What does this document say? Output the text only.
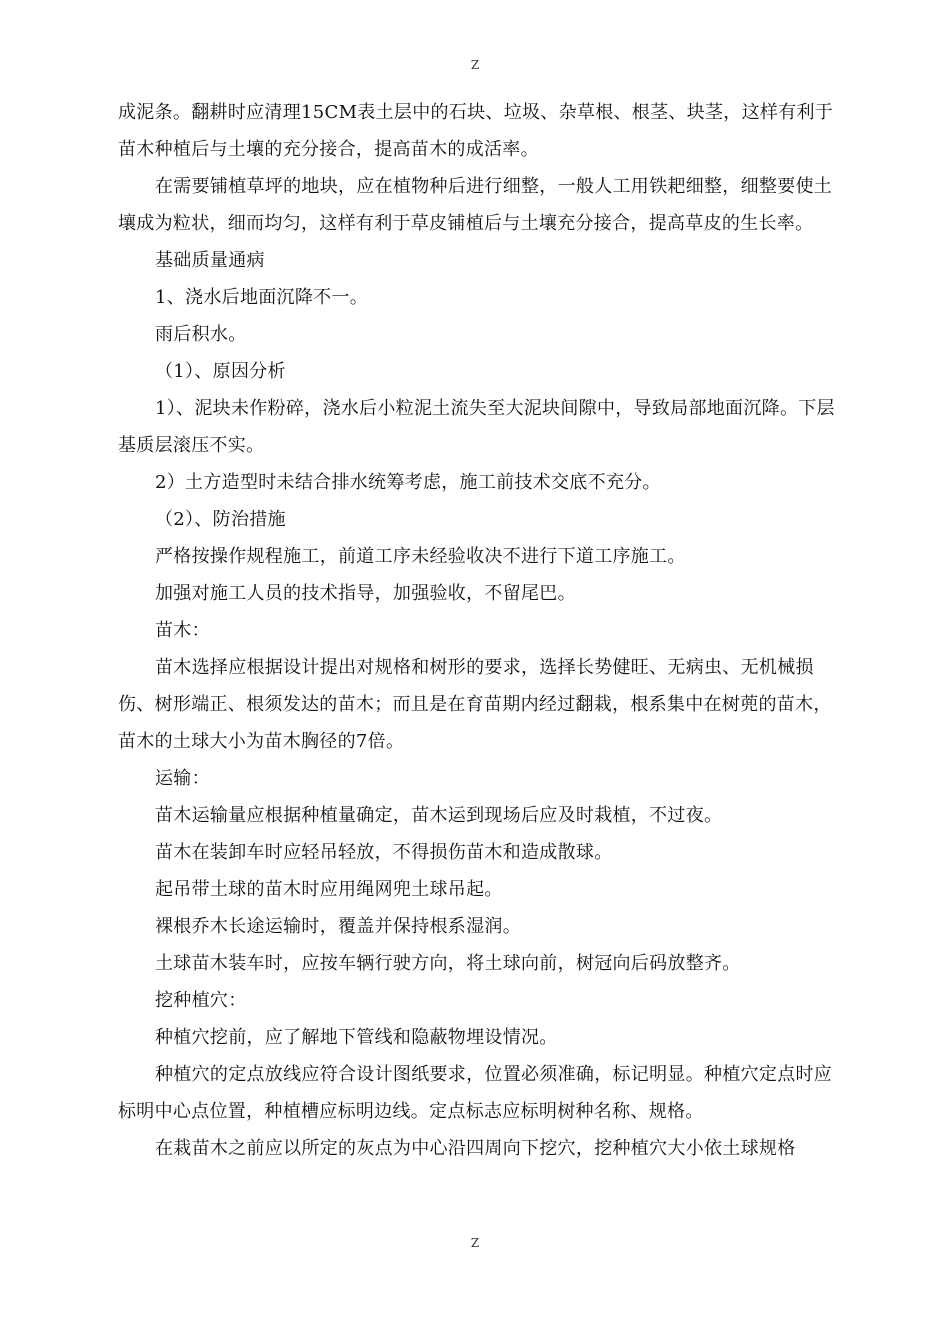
Z

成泥条。翻耕时应清理15CM表土层中的石块、垃圾、杂草根、根茎、块茎，这样有利于苗木种植后与土壤的充分接合，提高苗木的成活率。

在需要铺植草坪的地块，应在植物种后进行细整，一般人工用铁耙细整，细整要使土壤成为粒状，细而均匀，这样有利于草皮铺植后与土壤充分接合，提高草皮的生长率。

基础质量通病

1、浇水后地面沉降不一。

雨后积水。

（1）、原因分析

1）、泥块未作粉碎，浇水后小粒泥土流失至大泥块间隙中，导致局部地面沉降。下层基质层滚压不实。

2）土方造型时未结合排水统筹考虑，施工前技术交底不充分。

（2）、防治措施

严格按操作规程施工，前道工序未经验收决不进行下道工序施工。

加强对施工人员的技术指导，加强验收，不留尾巴。

苗木：

苗木选择应根据设计提出对规格和树形的要求，选择长势健旺、无病虫、无机械损伤、树形端正、根须发达的苗木；而且是在育苗期内经过翻栽，根系集中在树蔸的苗木，苗木的土球大小为苗木胸径的7倍。

运输：

苗木运输量应根据种植量确定，苗木运到现场后应及时栽植，不过夜。

苗木在装卸车时应轻吊轻放，不得损伤苗木和造成散球。

起吊带土球的苗木时应用绳网兜土球吊起。

裸根乔木长途运输时，覆盖并保持根系湿润。

土球苗木装车时，应按车辆行驶方向，将土球向前，树冠向后码放整齐。

挖种植穴：

种植穴挖前，应了解地下管线和隐蔽物埋设情况。

种植穴的定点放线应符合设计图纸要求，位置必须准确，标记明显。种植穴定点时应标明中心点位置，种植槽应标明边线。定点标志应标明树种名称、规格。

在栽苗木之前应以所定的灰点为中心沿四周向下挖穴，挖种植穴大小依土球规格

Z
